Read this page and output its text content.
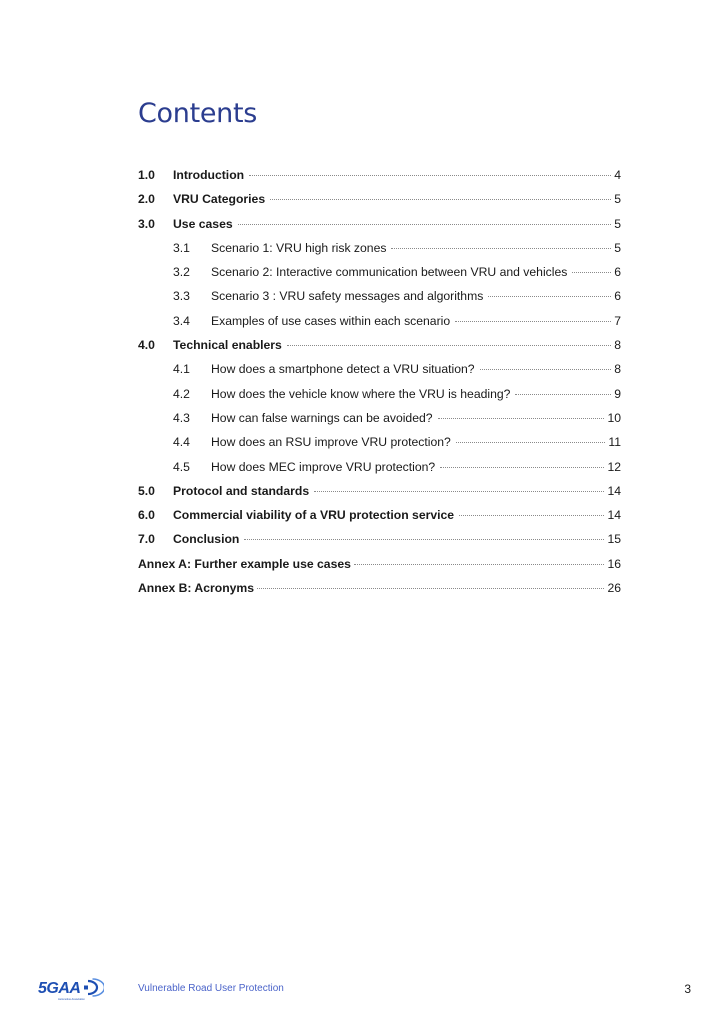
Contents
1.0	Introduction	4
2.0	VRU Categories	5
3.0	Use cases	5
3.1	Scenario 1: VRU high risk zones	5
3.2	Scenario 2: Interactive communication between VRU and vehicles	6
3.3	Scenario 3 : VRU safety messages and algorithms	6
3.4	Examples of use cases within each scenario	7
4.0	Technical enablers	8
4.1	How does a smartphone detect a VRU situation?	8
4.2	How does the vehicle know where the VRU is heading?	9
4.3	How can false warnings can be avoided?	10
4.4	How does an RSU improve VRU protection?	11
4.5	How does MEC improve VRU protection?	12
5.0	Protocol and standards	14
6.0	Commercial viability of a VRU protection service	14
7.0	Conclusion	15
Annex A: Further example use cases	16
Annex B: Acronyms	26
5GAA
Automotive Association
Vulnerable Road User Protection	3
